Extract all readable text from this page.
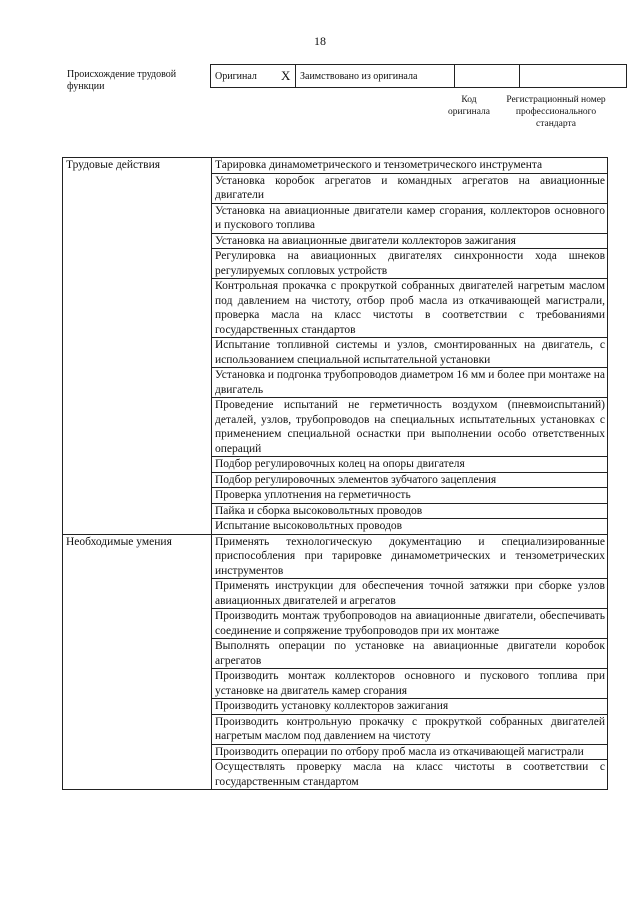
18
Происхождение трудовой функции
Оригинал	X	Заимствовано из оригинала		
Код оригинала
Регистрационный номер профессионального стандарта
Трудовые действия	Тарировка динамометрического и тензометрического инструмента
	Установка коробок агрегатов и командных агрегатов на авиационные двигатели
	Установка на авиационные двигатели камер сгорания, коллекторов основного и пускового топлива
	Установка на авиационные двигатели коллекторов зажигания
	Регулировка на авиационных двигателях синхронности хода шнеков регулируемых сопловых устройств
	Контрольная прокачка с прокруткой собранных двигателей нагретым маслом под давлением на чистоту, отбор проб масла из откачивающей магистрали, проверка масла на класс чистоты в соответствии с требованиями государственных стандартов
	Испытание топливной системы и узлов, смонтированных на двигатель, с использованием специальной испытательной установки
	Установка и подгонка трубопроводов диаметром 16 мм и более при монтаже на двигатель
	Проведение испытаний не герметичность воздухом (пневмоиспытаний) деталей, узлов, трубопроводов на специальных испытательных установках с применением специальной оснастки при выполнении особо ответственных операций
	Подбор регулировочных колец на опоры двигателя
	Подбор регулировочных элементов зубчатого зацепления
	Проверка уплотнения на герметичность
	Пайка и сборка высоковольтных проводов
	Испытание высоковольтных проводов
Необходимые умения	Применять технологическую документацию и специализированные приспособления при тарировке динамометрических и тензометрических инструментов
	Применять инструкции для обеспечения точной затяжки при сборке узлов авиационных двигателей и агрегатов
	Производить монтаж трубопроводов на авиационные двигатели, обеспечивать соединение и сопряжение трубопроводов при их монтаже
	Выполнять операции по установке на авиационные двигатели коробок агрегатов
	Производить монтаж коллекторов основного и пускового топлива при установке на двигатель камер сгорания
	Производить установку коллекторов зажигания
	Производить контрольную прокачку с прокруткой собранных двигателей нагретым маслом под давлением на чистоту
	Производить операции по отбору проб масла из откачивающей магистрали
	Осуществлять проверку масла на класс чистоты в соответствии с государственным стандартом
